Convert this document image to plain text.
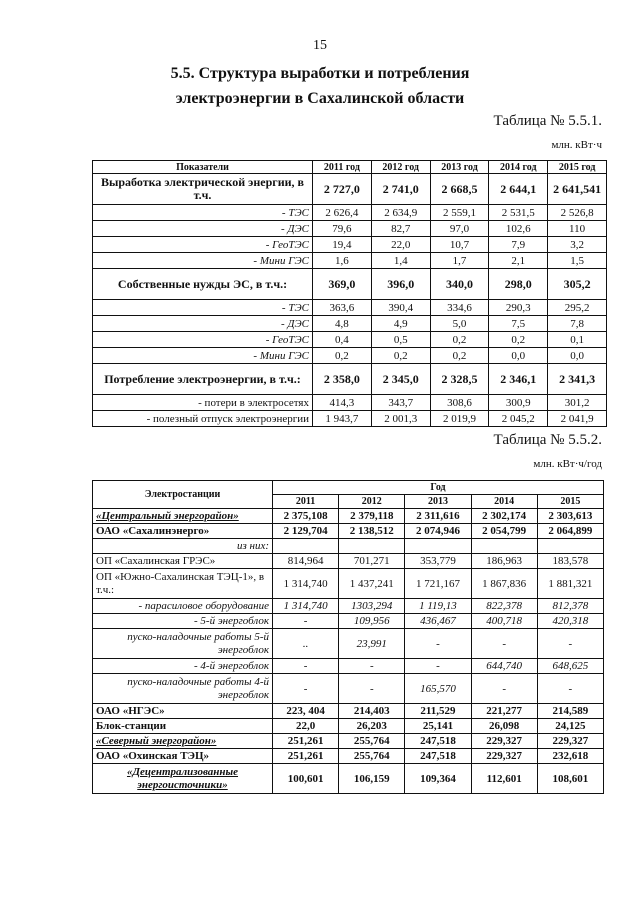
15
5.5. Структура выработки и потребления
электроэнергии в Сахалинской области
Таблица № 5.5.1.
млн. кВт·ч
Показатели	2011 год	2012 год	2013 год	2014 год	2015 год
Выработка электрической энергии, в т.ч.	2 727,0	2 741,0	2 668,5	2 644,1	2 641,541
- ТЭС	2 626,4	2 634,9	2 559,1	2 531,5	2 526,8
- ДЭС	79,6	82,7	97,0	102,6	110
- ГеоТЭС	19,4	22,0	10,7	7,9	3,2
- Мини ГЭС	1,6	1,4	1,7	2,1	1,5
Собственные нужды ЭС, в т.ч.:	369,0	396,0	340,0	298,0	305,2
- ТЭС	363,6	390,4	334,6	290,3	295,2
- ДЭС	4,8	4,9	5,0	7,5	7,8
- ГеоТЭС	0,4	0,5	0,2	0,2	0,1
- Мини ГЭС	0,2	0,2	0,2	0,0	0,0
Потребление электроэнергии, в т.ч.:	2 358,0	2 345,0	2 328,5	2 346,1	2 341,3
- потери в электросетях	414,3	343,7	308,6	300,9	301,2
- полезный отпуск электроэнергии	1 943,7	2 001,3	2 019,9	2 045,2	2 041,9
Таблица № 5.5.2.
млн. кВт·ч/год
Электростанции	Год				
	2011	2012	2013	2014	2015
«Центральный энергорайон»	2 375,108	2 379,118	2 311,616	2 302,174	2 303,613
ОАО «Сахалинэнерго»	2 129,704	2 138,512	2 074,946	2 054,799	2 064,899
из них:					
ОП «Сахалинская ГРЭС»	814,964	701,271	353,779	186,963	183,578
ОП «Южно-Сахалинская ТЭЦ-1», в т.ч.:	1 314,740	1 437,241	1 721,167	1 867,836	1 881,321
- парасиловое оборудование	1 314,740	1303,294	1 119,13	822,378	812,378
- 5-й энергоблок	-	109,956	436,467	400,718	420,318
пуско-наладочные работы 5-й энергоблок	..	23,991	-	-	-
- 4-й энергоблок	-	-	-	644,740	648,625
пуско-наладочные работы 4-й энергоблок	-	-	165,570	-	-
ОАО «НГЭС»	223, 404	214,403	211,529	221,277	214,589
Блок-станции	22,0	26,203	25,141	26,098	24,125
«Северный энергорайон»	251,261	255,764	247,518	229,327	229,327
ОАО «Охинская ТЭЦ»	251,261	255,764	247,518	229,327	232,618
«Децентрализованные энергоисточники»	100,601	106,159	109,364	112,601	108,601
